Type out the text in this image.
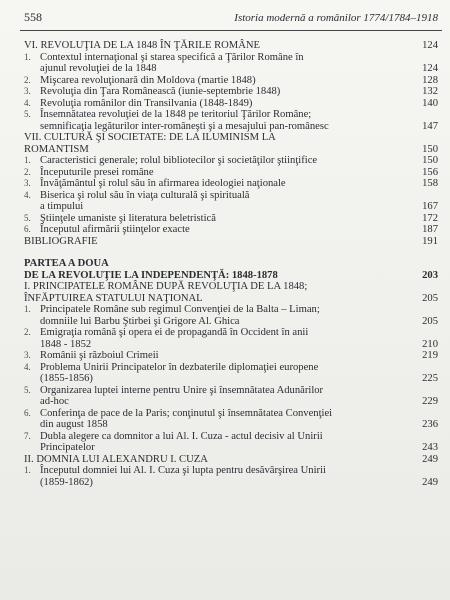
558	Istoria modernă a românilor 1774/1784–1918
VI. REVOLUŢIA DE LA 1848 ÎN ŢĂRILE ROMÂNE	124
1. Contextul internaţional şi starea specifică a Ţărilor Române în
ajunul revoluţiei de la 1848	124
2. Mişcarea revoluţionară din Moldova (martie 1848)	128
3. Revoluţia din Ţara Românească (iunie-septembrie 1848)	132
4. Revoluţia românilor din Transilvania (1848-1849)	140
5. Însemnătatea revoluţiei de la 1848 pe teritoriul Ţărilor Române;
semnificaţia legăturilor inter-româneşti şi a mesajului pan-românesc	147
VII. CULTURĂ ŞI SOCIETATE: DE LA ILUMINISM LA
ROMANTISM	150
1. Caracteristici generale; rolul bibliotecilor şi societăţilor ştiinţifice	150
2. Începuturile presei române	156
3. Învăţământul şi rolul său în afirmarea ideologiei naţionale	158
4. Biserica şi rolul său în viaţa culturală şi spirituală
a timpului	167
5. Ştiinţele umaniste şi literatura beletristică	172
6. Începutul afirmării ştiinţelor exacte	187
BIBLIOGRAFIE	191
PARTEA A DOUA
DE LA REVOLUŢIE LA INDEPENDENŢĂ: 1848-1878	203
I. PRINCIPATELE ROMÂNE DUPĂ REVOLUŢIA DE LA 1848;
ÎNFĂPTUIREA STATULUI NAŢIONAL	205
1. Principatele Române sub regimul Convenţiei de la Balta – Liman;
domniile lui Barbu Ştirbei şi Grigore Al. Ghica	205
2. Emigraţia română şi opera ei de propagandă în Occident în anii
1848 - 1852	210
3. Românii şi războiul Crimeii	219
4. Problema Unirii Principatelor în dezbaterile diplomaţiei europene
(1855-1856)	225
5. Organizarea luptei interne pentru Unire şi însemnătatea Adunărilor
ad-hoc	229
6. Conferinţa de pace de la Paris; conţinutul şi însemnătatea Convenţiei
din august 1858	236
7. Dubla alegere ca domnitor a lui Al. I. Cuza - actul decisiv al Unirii
Principatelor	243
II. DOMNIA LUI ALEXANDRU I. CUZA	249
1. Începutul domniei lui Al. I. Cuza şi lupta pentru desăvârşirea Unirii
(1859-1862)	249
